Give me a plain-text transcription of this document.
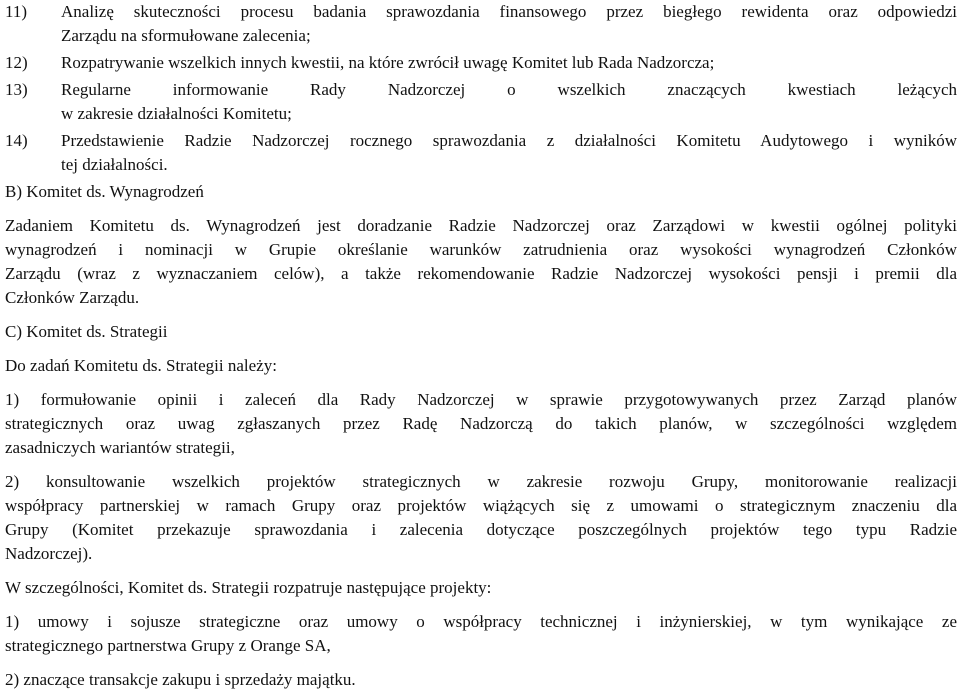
11)	Analizę skuteczności procesu badania sprawozdania finansowego przez biegłego rewidenta oraz odpowiedzi
Zarządu na sformułowane zalecenia;
12)	Rozpatrywanie wszelkich innych kwestii, na które zwrócił uwagę Komitet lub Rada Nadzorcza;
13)	Regularne informowanie Rady Nadzorczej o wszelkich znaczących kwestiach leżących
w zakresie działalności Komitetu;
14)	Przedstawienie Radzie Nadzorczej rocznego sprawozdania z działalności Komitetu Audytowego i wyników
tej działalności.
B) Komitet ds. Wynagrodzeń
Zadaniem Komitetu ds. Wynagrodzeń jest doradzanie Radzie Nadzorczej oraz Zarządowi w kwestii ogólnej polityki
wynagrodzeń i nominacji w Grupie określanie warunków zatrudnienia oraz wysokości wynagrodzeń Członków
Zarządu (wraz z wyznaczaniem celów), a także rekomendowanie Radzie Nadzorczej wysokości pensji i premii dla
Członków Zarządu.
C) Komitet ds. Strategii
Do zadań Komitetu ds. Strategii należy:
1) formułowanie opinii i zaleceń dla Rady Nadzorczej w sprawie przygotowywanych przez Zarząd planów
strategicznych oraz uwag zgłaszanych przez Radę Nadzorczą do takich planów, w szczególności względem
zasadniczych wariantów strategii,
2) konsultowanie wszelkich projektów strategicznych w zakresie rozwoju Grupy, monitorowanie realizacji
współpracy partnerskiej w ramach Grupy oraz projektów wiążących się z umowami o strategicznym znaczeniu dla
Grupy (Komitet przekazuje sprawozdania i zalecenia dotyczące poszczególnych projektów tego typu Radzie
Nadzorczej).
W szczególności, Komitet ds. Strategii rozpatruje następujące projekty:
1) umowy i sojusze strategiczne oraz umowy o współpracy technicznej i inżynierskiej, w tym wynikające ze
strategicznego partnerstwa Grupy z Orange SA,
2) znaczące transakcje zakupu i sprzedaży majątku.
